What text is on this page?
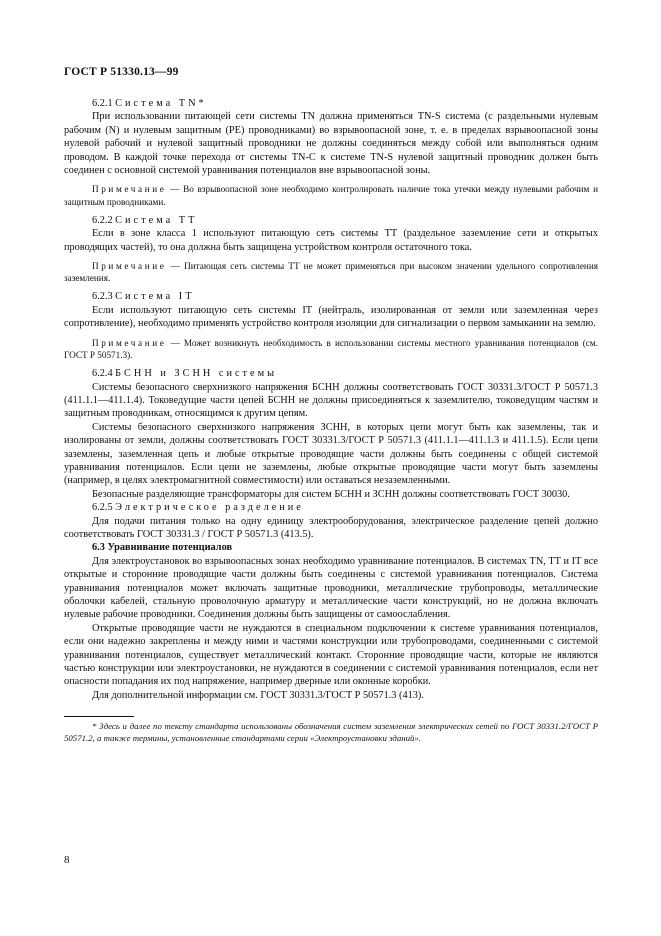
ГОСТ Р 51330.13—99

6.2.1 Система TN*

При использовании питающей сети системы TN должна применяться TN-S система (с раздельными нулевым рабочим (N) и нулевым защитным (PE) проводниками) во взрывоопасной зоне, т. е. в пределах взрывоопасной зоны нулевой рабочий и нулевой защитный проводники не должны соединяться между собой или выполняться одним проводом. В каждой точке перехода от системы TN-C к системе TN-S нулевой защитный проводник должен быть соединен с основной системой уравнивания потенциалов вне взрывоопасной зоны.

Примечание — Во взрывоопасной зоне необходимо контролировать наличие тока утечки между нулевыми рабочим и защитным проводниками.

6.2.2 Система TT

Если в зоне класса 1 используют питающую сеть системы TT (раздельное заземление сети и открытых проводящих частей), то она должна быть защищена устройством контроля остаточного тока.

Примечание — Питающая сеть системы TT не может применяться при высоком значении удельного сопротивления заземления.

6.2.3 Система IT

Если используют питающую сеть системы IT (нейтраль, изолированная от земли или заземленная через сопротивление), необходимо применять устройство контроля изоляции для сигнализации о первом замыкании на землю.

Примечание — Может возникнуть необходимость в использовании системы местного уравнивания потенциалов (см. ГОСТ Р 50571.3).

6.2.4 БСНН и ЗСНН системы

Системы безопасного сверхнизкого напряжения БСНН должны соответствовать ГОСТ 30331.3/ГОСТ Р 50571.3 (411.1.1—411.1.4). Токоведущие части цепей БСНН не должны присоединяться к заземлителю, токоведущим частям и защитным проводникам, относящимся к другим цепям.

Системы безопасного сверхнизкого напряжения ЗСНН, в которых цепи могут быть как заземлены, так и изолированы от земли, должны соответствовать ГОСТ 30331.3/ГОСТ Р 50571.3 (411.1.1—411.1.3 и 411.1.5). Если цепи заземлены, заземленная цепь и любые открытые проводящие части должны быть соединены с общей системой уравнивания потенциалов. Если цепи не заземлены, любые открытые проводящие части могут быть заземлены (например, в целях электромагнитной совместимости) или оставаться незаземленными.

Безопасные разделяющие трансформаторы для систем БСНН и ЗСНН должны соответствовать ГОСТ 30030.

6.2.5 Электрическое разделение

Для подачи питания только на одну единицу электрооборудования, электрическое разделение цепей должно соответствовать ГОСТ 30331.3 / ГОСТ Р 50571.3 (413.5).

6.3 Уравнивание потенциалов

Для электроустановок во взрывоопасных зонах необходимо уравнивание потенциалов. В системах TN, TT и IT все открытые и сторонние проводящие части должны быть соединены с системой уравнивания потенциалов. Система уравнивания потенциалов может включать защитные проводники, металлические трубопроводы, металлические оболочки кабелей, стальную проволочную арматуру и металлические части конструкций, но не должна включать нулевые рабочие проводники. Соединения должны быть защищены от самоослабления.

Открытые проводящие части не нуждаются в специальном подключении к системе уравнивания потенциалов, если они надежно закреплены и между ними и частями конструкции или трубопроводами, соединенными с системой уравнивания потенциалов, существует металлический контакт. Сторонние проводящие части, которые не являются частью конструкции или электроустановки, не нуждаются в соединении с системой уравнивания потенциалов, если нет опасности попадания их под напряжение, например дверные или оконные коробки.

Для дополнительной информации см. ГОСТ 30331.3/ГОСТ Р 50571.3 (413).

* Здесь и далее по тексту стандарта использованы обозначения систем заземления электрических сетей по ГОСТ 30331.2/ГОСТ Р 50571.2, а также термины, установленные стандартами серии «Электроустановки зданий».

8
